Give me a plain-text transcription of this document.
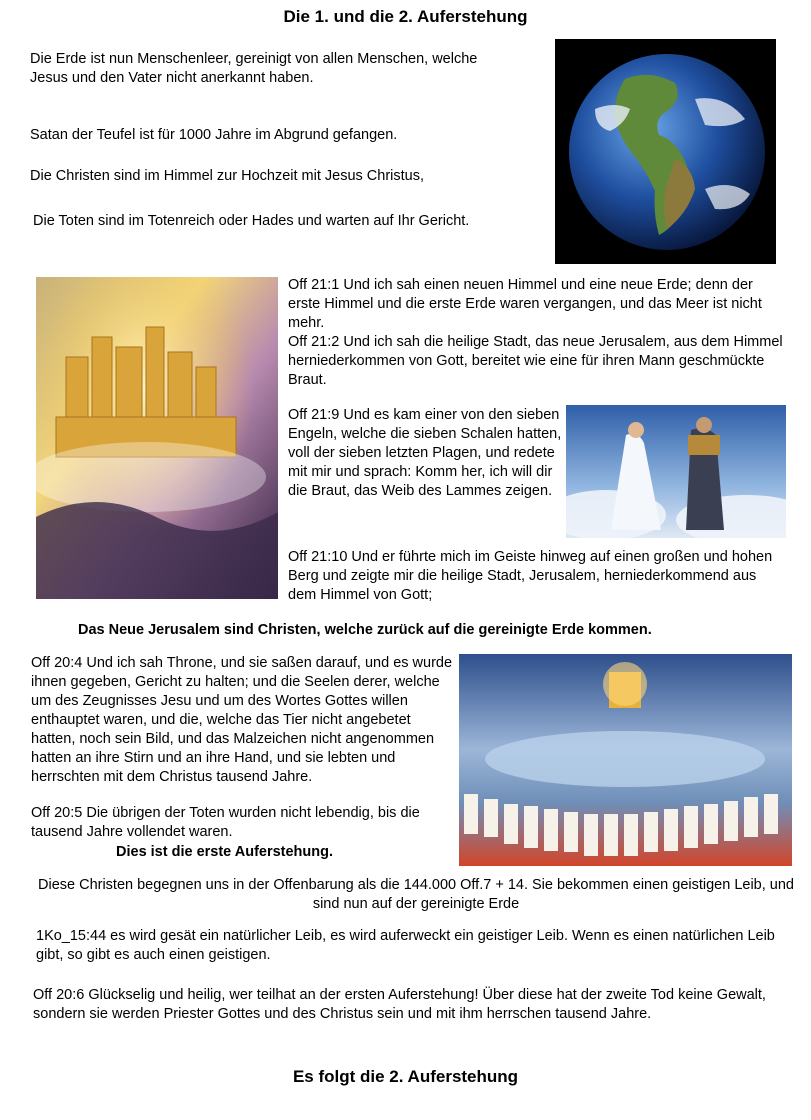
Die 1. und die 2. Auferstehung
Die Erde ist nun Menschenleer, gereinigt von allen Menschen, welche Jesus und den Vater nicht anerkannt haben.
Satan der Teufel ist für 1000 Jahre im Abgrund gefangen.
Die Christen sind im Himmel zur Hochzeit mit Jesus Christus,
Die Toten sind im Totenreich oder Hades und warten auf Ihr Gericht.
Off 21:1 Und ich sah einen neuen Himmel und eine neue Erde; denn der erste Himmel und die erste Erde waren vergangen, und das Meer ist nicht mehr.
Off 21:2 Und ich sah die heilige Stadt, das neue Jerusalem, aus dem Himmel herniederkommen von Gott, bereitet wie eine für ihren Mann geschmückte Braut.
Off 21:9 Und es kam einer von den sieben Engeln, welche die sieben Schalen hatten, voll der sieben letzten Plagen, und redete mit mir und sprach: Komm her, ich will dir die Braut, das Weib des Lammes zeigen.
Off 21:10 Und er führte mich im Geiste hinweg auf einen großen und hohen Berg und zeigte mir die heilige Stadt, Jerusalem, herniederkommend aus dem Himmel von Gott;
Das Neue Jerusalem sind Christen, welche zurück auf die gereinigte Erde kommen.
Off 20:4 Und ich sah Throne, und sie saßen darauf, und es wurde ihnen gegeben, Gericht zu halten; und die Seelen derer, welche um des Zeugnisses Jesu und um des Wortes Gottes willen enthauptet waren, und die, welche das Tier nicht angebetet hatten, noch sein Bild, und das Malzeichen nicht angenommen hatten an ihre Stirn und an ihre Hand, und sie lebten und herrschten mit dem Christus tausend Jahre.
Off 20:5 Die übrigen der Toten wurden nicht lebendig, bis die tausend Jahre vollendet waren.
Dies ist die erste Auferstehung.
Diese Christen begegnen uns in der Offenbarung als die 144.000 Off.7 + 14. Sie bekommen einen geistigen Leib, und sind nun auf der gereinigte Erde
1Ko_15:44 es wird gesät ein natürlicher Leib, es wird auferweckt ein geistiger Leib. Wenn es einen natürlichen Leib gibt, so gibt es auch einen geistigen.
Off 20:6 Glückselig und heilig, wer teilhat an der ersten Auferstehung! Über diese hat der zweite Tod keine Gewalt, sondern sie werden Priester Gottes und des Christus sein und mit ihm herrschen tausend Jahre.
Es folgt die 2. Auferstehung
